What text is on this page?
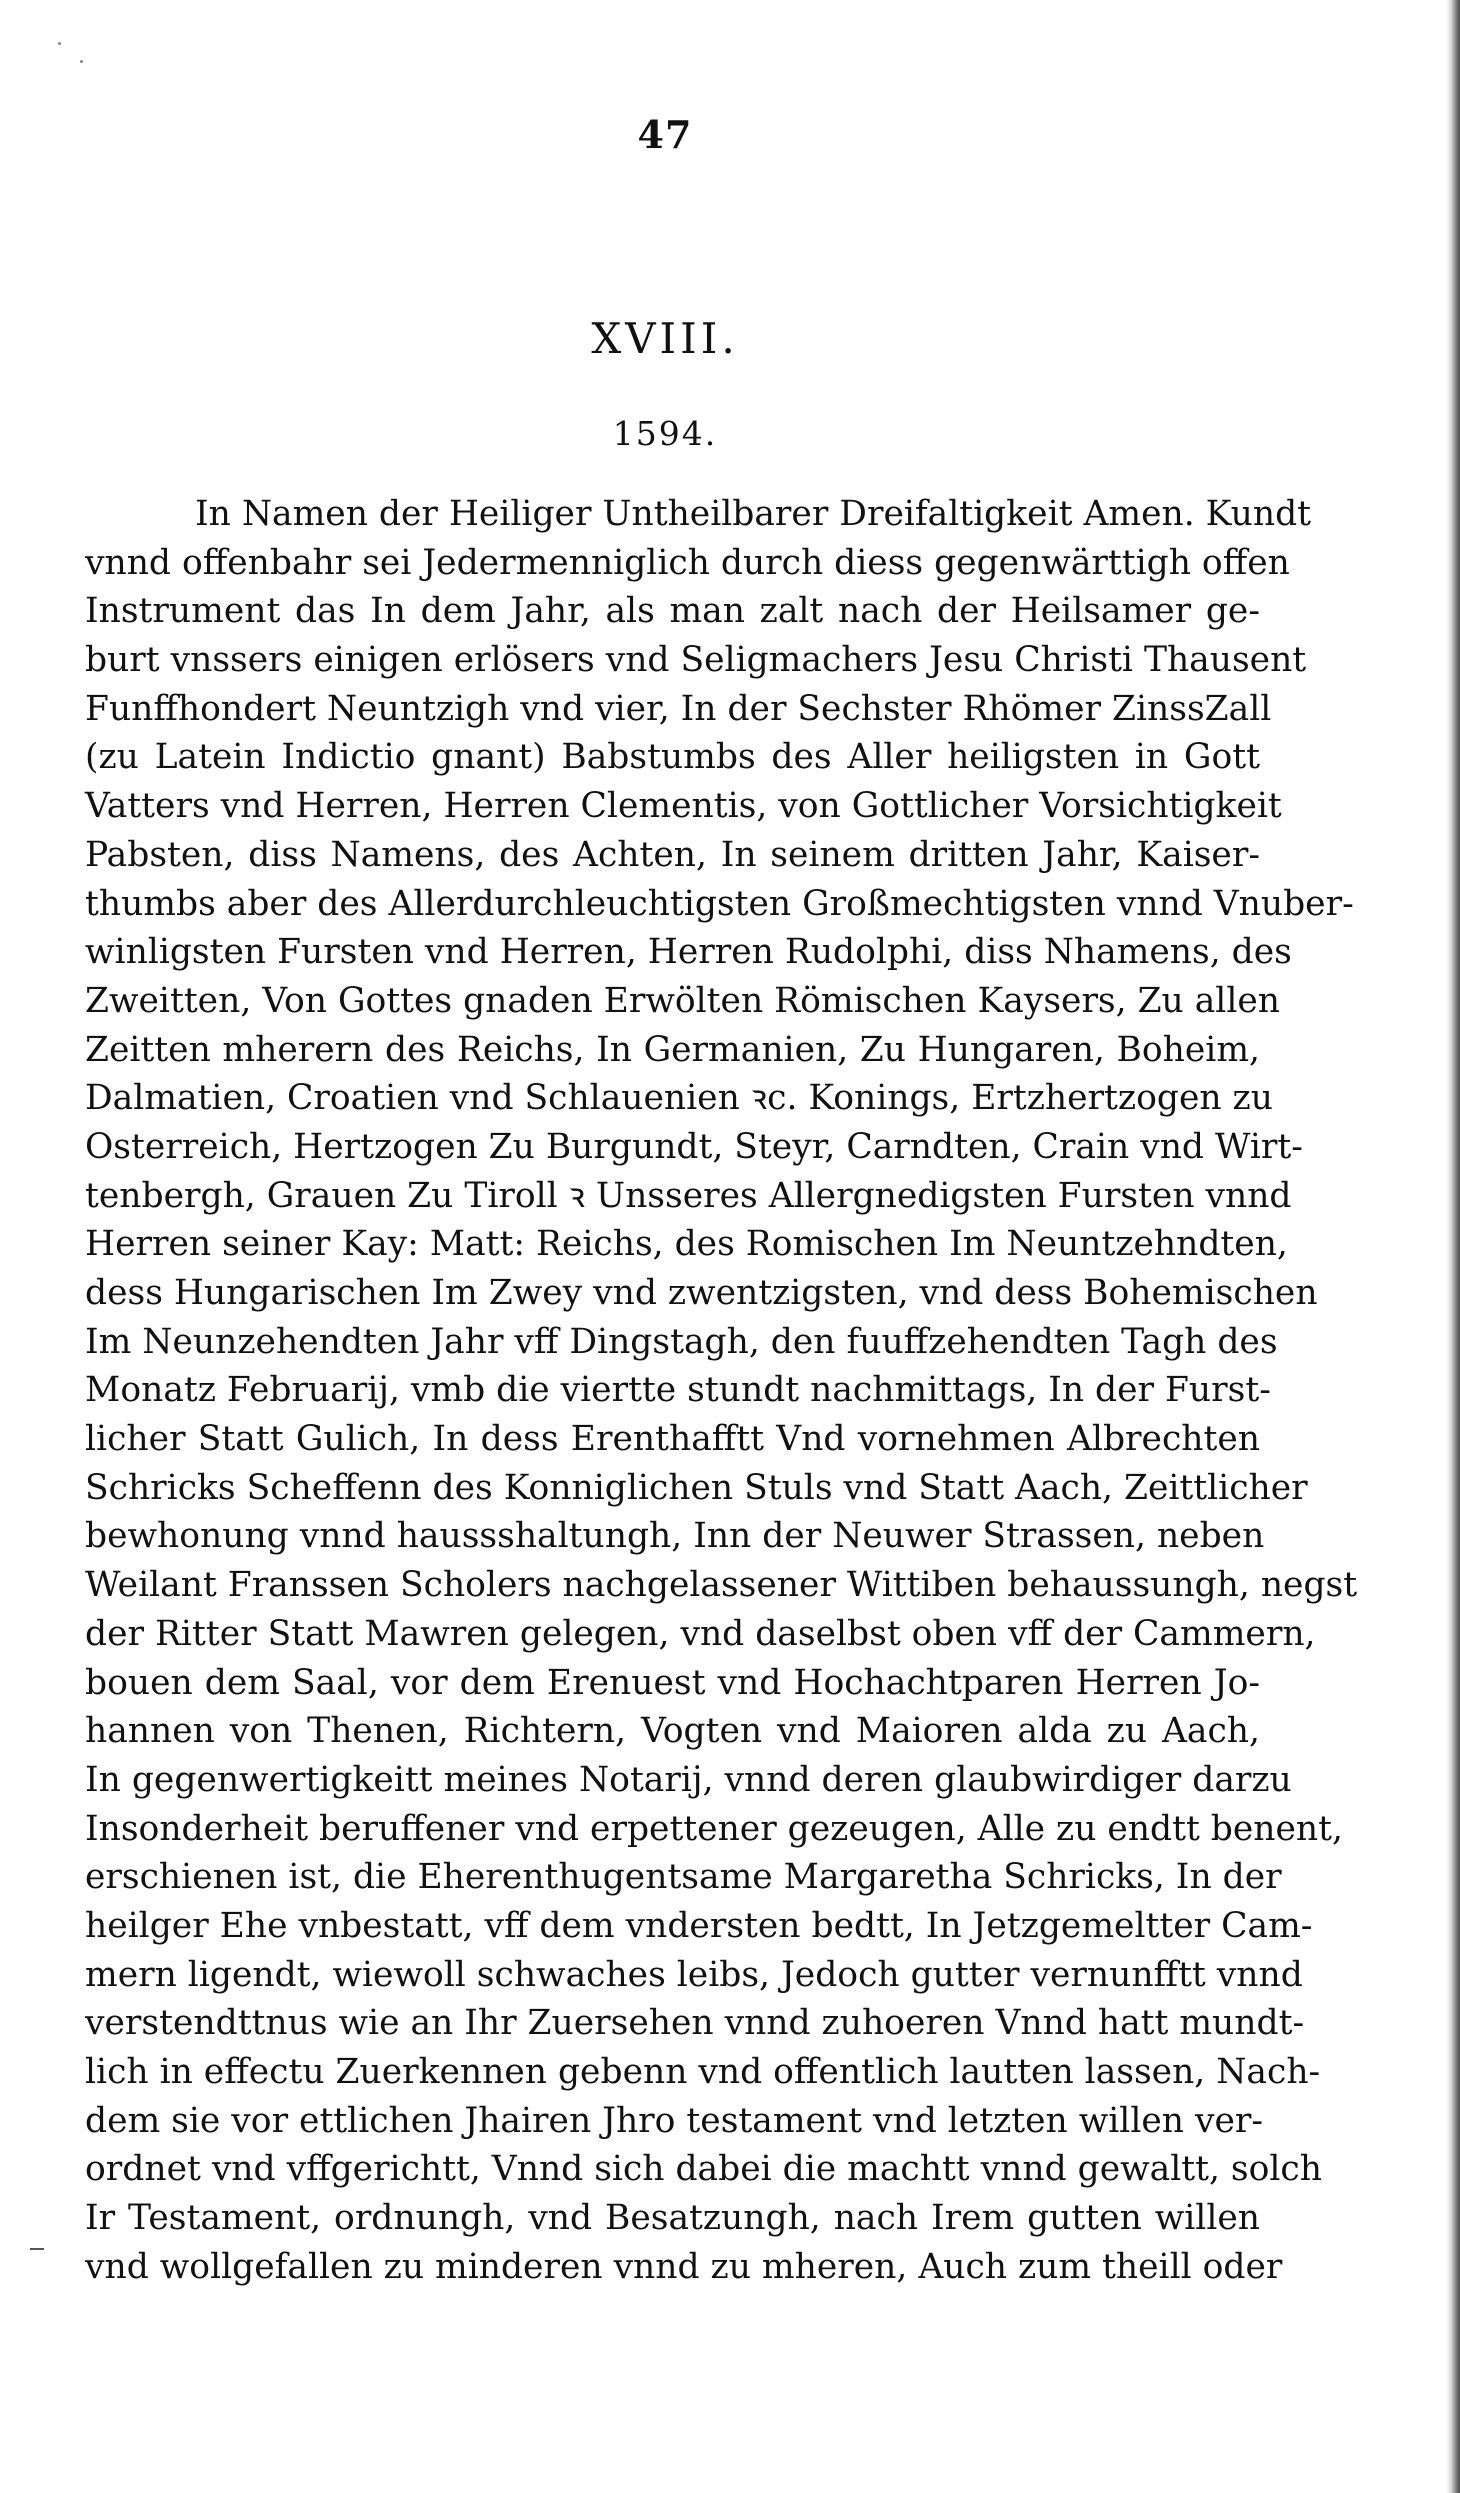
47
XVIII.
1594.
In Namen der Heiliger Untheilbarer Dreifaltigkeit Amen. Kundt
vnnd offenbahr sei Jedermenniglich durch diess gegenwärttigh offen
Instrument das In dem Jahr, als man zalt nach der Heilsamer ge-
burt vnssers einigen erlösers vnd Seligmachers Jesu Christi Thausent
Funffhondert Neuntzigh vnd vier, In der Sechster Rhömer ZinssZall
(zu Latein Indictio gnant) Babstumbs des Aller heiligsten in Gott
Vatters vnd Herren, Herren Clementis, von Gottlicher Vorsichtigkeit
Pabsten, diss Namens, des Achten, In seinem dritten Jahr, Kaiser-
thumbs aber des Allerdurchleuchtigsten Großmechtigsten vnnd Vnuber-
winligsten Fursten vnd Herren, Herren Rudolphi, diss Nhamens, des
Zweitten, Von Gottes gnaden Erwölten Römischen Kaysers, Zu allen
Zeitten mherern des Reichs, In Germanien, Zu Hungaren, Boheim,
Dalmatien, Croatien vnd Schlauenien ꝛc. Konings, Ertzhertzogen zu
Osterreich, Hertzogen Zu Burgundt, Steyr, Carndten, Crain vnd Wirt-
tenbergh, Grauen Zu Tiroll ꝛ Unsseres Allergnedigsten Fursten vnnd
Herren seiner Kay: Matt: Reichs, des Romischen Im Neuntzehndten,
dess Hungarischen Im Zwey vnd zwentzigsten, vnd dess Bohemischen
Im Neunzehendten Jahr vff Dingstagh, den fuuffzehendten Tagh des
Monatz Februarij, vmb die viertte stundt nachmittags, In der Furst-
licher Statt Gulich, In dess Erenthafftt Vnd vornehmen Albrechten
Schricks Scheffenn des Konniglichen Stuls vnd Statt Aach, Zeittlicher
bewhonung vnnd haussshaltungh, Inn der Neuwer Strassen, neben
Weilant Franssen Scholers nachgelassener Wittiben behaussungh, negst
der Ritter Statt Mawren gelegen, vnd daselbst oben vff der Cammern,
bouen dem Saal, vor dem Erenuest vnd Hochachtparen Herren Jo-
hannen von Thenen, Richtern, Vogten vnd Maioren alda zu Aach,
In gegenwertigkeitt meines Notarij, vnnd deren glaubwirdiger darzu
Insonderheit beruffener vnd erpettener gezeugen, Alle zu endtt benent,
erschienen ist, die Eherenthugentsame Margaretha Schricks, In der
heilger Ehe vnbestatt, vff dem vndersten bedtt, In Jetzgemeltter Cam-
mern ligendt, wiewoll schwaches leibs, Jedoch gutter vernunfftt vnnd
verstendttnus wie an Ihr Zuersehen vnnd zuhoeren Vnnd hatt mundt-
lich in effectu Zuerkennen gebenn vnd offentlich lautten lassen, Nach-
dem sie vor ettlichen Jhairen Jhro testament vnd letzten willen ver-
ordnet vnd vffgerichtt, Vnnd sich dabei die machtt vnnd gewaltt, solch
Ir Testament, ordnungh, vnd Besatzungh, nach Irem gutten willen
vnd wollgefallen zu minderen vnnd zu mheren, Auch zum theill oder
